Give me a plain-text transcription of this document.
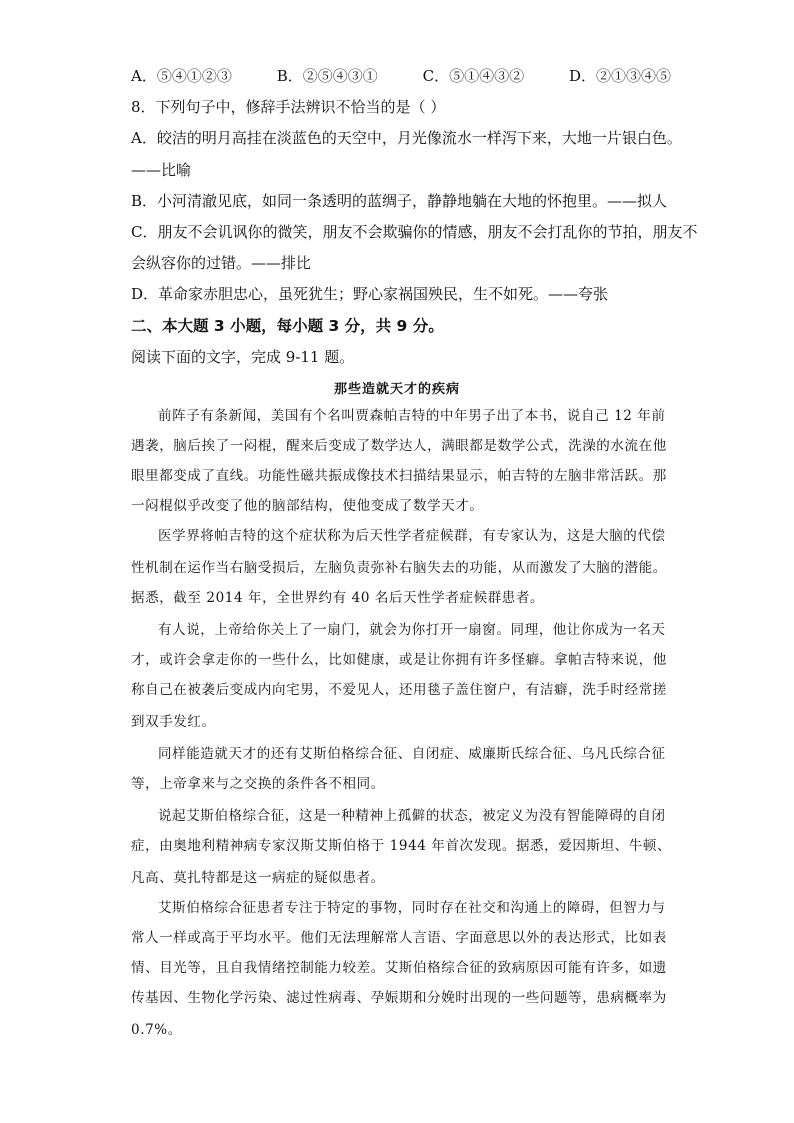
A．⑤④①②③	B．②⑤④③①	C．⑤①④③②	D．②①③④⑤
8．下列句子中，修辞手法辨识不恰当的是（ ）
A．皎洁的明月高挂在淡蓝色的天空中，月光像流水一样泻下来，大地一片银白色。
——比喻
B．小河清澈见底，如同一条透明的蓝绸子，静静地躺在大地的怀抱里。——拟人
C．朋友不会讥讽你的微笑，朋友不会欺骗你的情感，朋友不会打乱你的节拍，朋友不
会纵容你的过错。——排比
D．革命家赤胆忠心，虽死犹生；野心家祸国殃民，生不如死。——夸张
二、本大题 3 小题，每小题 3 分，共 9 分。
阅读下面的文字，完成 9-11 题。
那些造就天才的疾病
前阵子有条新闻，美国有个名叫贾森帕吉特的中年男子出了本书，说自己 12 年前
遇袭，脑后挨了一闷棍，醒来后变成了数学达人，满眼都是数学公式，洗澡的水流在他
眼里都变成了直线。功能性磁共振成像技术扫描结果显示，帕吉特的左脑非常活跃。那
一闷棍似乎改变了他的脑部结构，使他变成了数学天才。
医学界将帕吉特的这个症状称为后天性学者症候群，有专家认为，这是大脑的代偿
性机制在运作当右脑受损后，左脑负责弥补右脑失去的功能，从而激发了大脑的潜能。
据悉，截至 2014 年，全世界约有 40 名后天性学者症候群患者。
有人说，上帝给你关上了一扇门，就会为你打开一扇窗。同理，他让你成为一名天
才，或许会拿走你的一些什么，比如健康，或是让你拥有许多怪癖。拿帕吉特来说，他
称自己在被袭后变成内向宅男，不爱见人，还用毯子盖住窗户，有洁癖，洗手时经常搓
到双手发红。
同样能造就天才的还有艾斯伯格综合征、自闭症、威廉斯氏综合征、乌凡氏综合征
等，上帝拿来与之交换的条件各不相同。
说起艾斯伯格综合征，这是一种精神上孤僻的状态，被定义为没有智能障碍的自闭
症，由奥地利精神病专家汉斯艾斯伯格于 1944 年首次发现。据悉，爱因斯坦、牛顿、
凡高、莫扎特都是这一病症的疑似患者。
艾斯伯格综合征患者专注于特定的事物，同时存在社交和沟通上的障碍，但智力与
常人一样或高于平均水平。他们无法理解常人言语、字面意思以外的表达形式，比如表
情、目光等，且自我情绪控制能力较差。艾斯伯格综合征的致病原因可能有许多，如遗
传基因、生物化学污染、滤过性病毒、孕娠期和分娩时出现的一些问题等，患病概率为
0.7%。
